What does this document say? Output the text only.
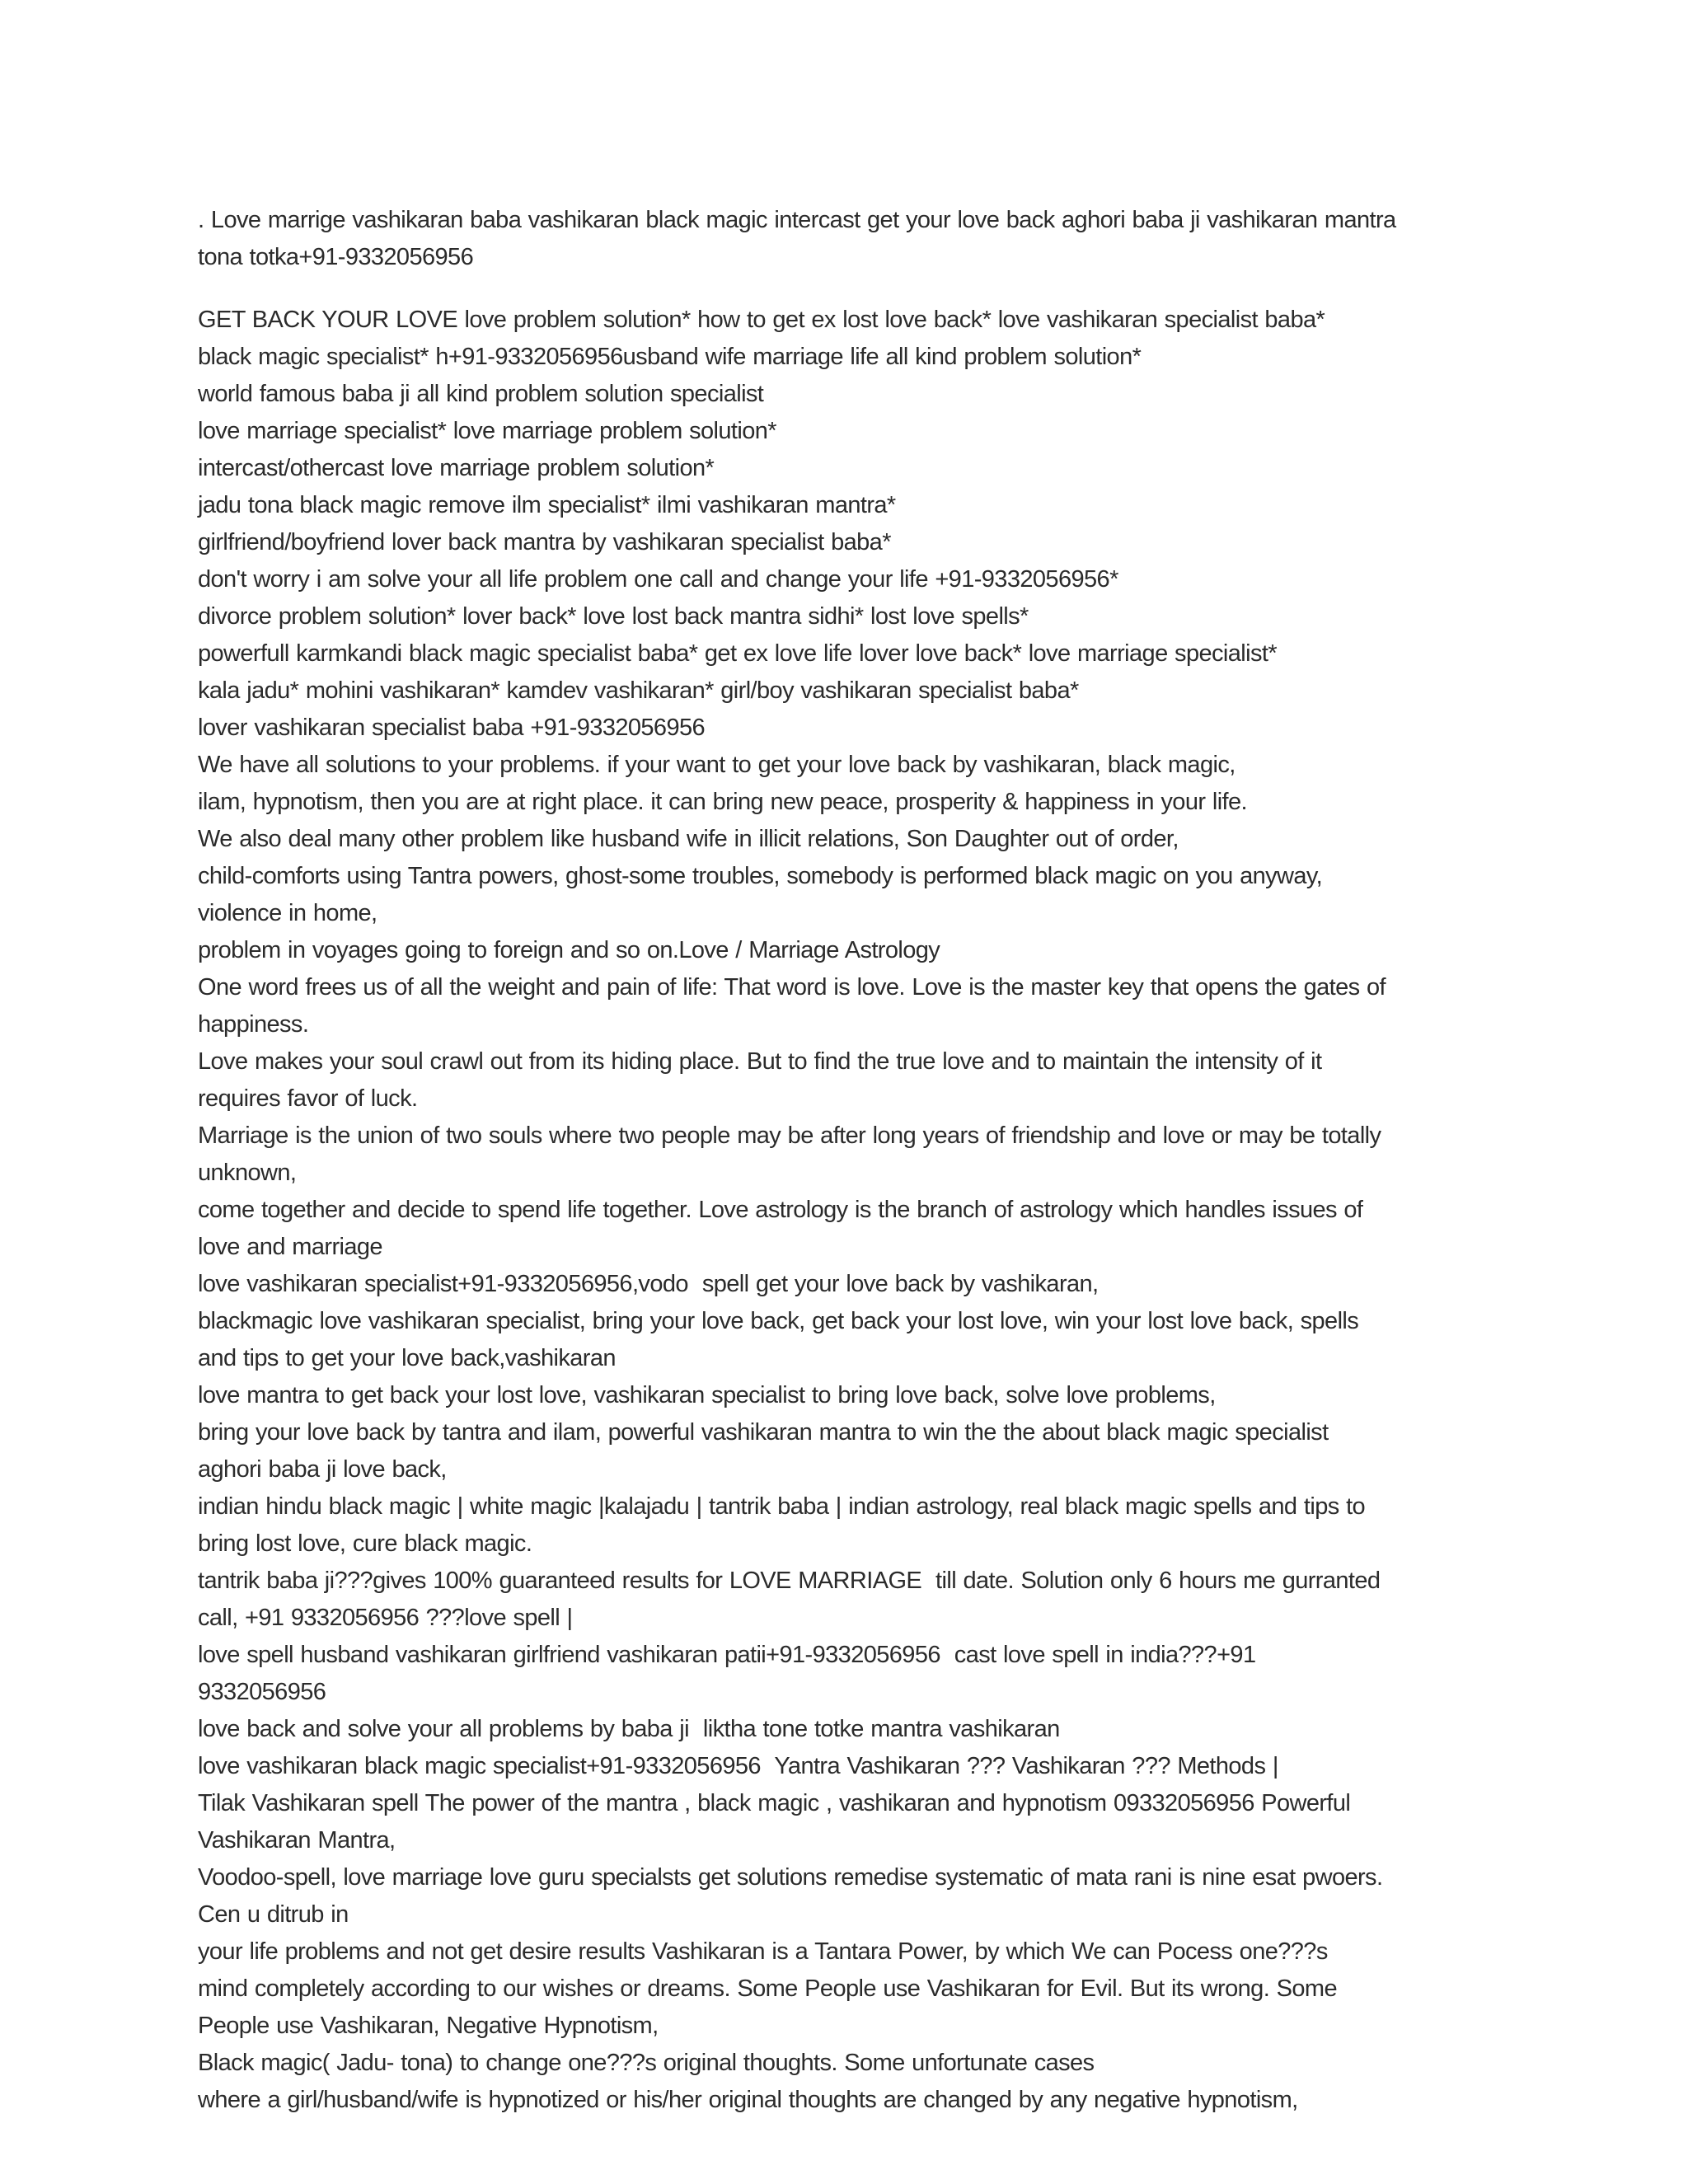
. Love marrige vashikaran baba vashikaran black magic intercast get your love back aghori baba ji vashikaran mantra
tona totka+91-9332056956
GET BACK YOUR LOVE love problem solution* how to get ex lost love back* love vashikaran specialist baba*
black magic specialist* h+91-9332056956usband wife marriage life all kind problem solution*
world famous baba ji all kind problem solution specialist
love marriage specialist* love marriage problem solution*
intercast/othercast love marriage problem solution*
jadu tona black magic remove ilm specialist* ilmi vashikaran mantra*
girlfriend/boyfriend lover back mantra by vashikaran specialist baba*
don't worry i am solve your all life problem one call and change your life +91-9332056956*
divorce problem solution* lover back* love lost back mantra sidhi* lost love spells*
powerfull karmkandi black magic specialist baba* get ex love life lover love back* love marriage specialist*
kala jadu* mohini vashikaran* kamdev vashikaran* girl/boy vashikaran specialist baba*
lover vashikaran specialist baba +91-9332056956
We have all solutions to your problems. if your want to get your love back by vashikaran, black magic,
ilam, hypnotism, then you are at right place. it can bring new peace, prosperity & happiness in your life.
We also deal many other problem like husband wife in illicit relations, Son Daughter out of order,
child-comforts using Tantra powers, ghost-some troubles, somebody is performed black magic on you anyway,
violence in home,
problem in voyages going to foreign and so on.Love / Marriage Astrology
One word frees us of all the weight and pain of life: That word is love. Love is the master key that opens the gates of
happiness.
Love makes your soul crawl out from its hiding place. But to find the true love and to maintain the intensity of it
requires favor of luck.
Marriage is the union of two souls where two people may be after long years of friendship and love or may be totally
unknown,
come together and decide to spend life together. Love astrology is the branch of astrology which handles issues of
love and marriage
love vashikaran specialist+91-9332056956,vodo  spell get your love back by vashikaran,
blackmagic love vashikaran specialist, bring your love back, get back your lost love, win your lost love back, spells
and tips to get your love back,vashikaran
love mantra to get back your lost love, vashikaran specialist to bring love back, solve love problems,
bring your love back by tantra and ilam, powerful vashikaran mantra to win the the about black magic specialist
aghori baba ji love back,
indian hindu black magic | white magic |kalajadu | tantrik baba | indian astrology, real black magic spells and tips to
bring lost love, cure black magic.
tantrik baba ji???gives 100% guaranteed results for LOVE MARRIAGE  till date. Solution only 6 hours me gurranted
call, +91 9332056956 ???love spell |
love spell husband vashikaran girlfriend vashikaran patii+91-9332056956  cast love spell in india???+91
9332056956
love back and solve your all problems by baba ji  liktha tone totke mantra vashikaran
love vashikaran black magic specialist+91-9332056956  Yantra Vashikaran ??? Vashikaran ??? Methods |
Tilak Vashikaran spell The power of the mantra , black magic , vashikaran and hypnotism 09332056956 Powerful
Vashikaran Mantra,
Voodoo-spell, love marriage love guru specialsts get solutions remedise systematic of mata rani is nine esat pwoers.
Cen u ditrub in
your life problems and not get desire results Vashikaran is a Tantara Power, by which We can Pocess one???s
mind completely according to our wishes or dreams. Some People use Vashikaran for Evil. But its wrong. Some
People use Vashikaran, Negative Hypnotism,
Black magic( Jadu- tona) to change one???s original thoughts. Some unfortunate cases
where a girl/husband/wife is hypnotized or his/her original thoughts are changed by any negative hypnotism,
